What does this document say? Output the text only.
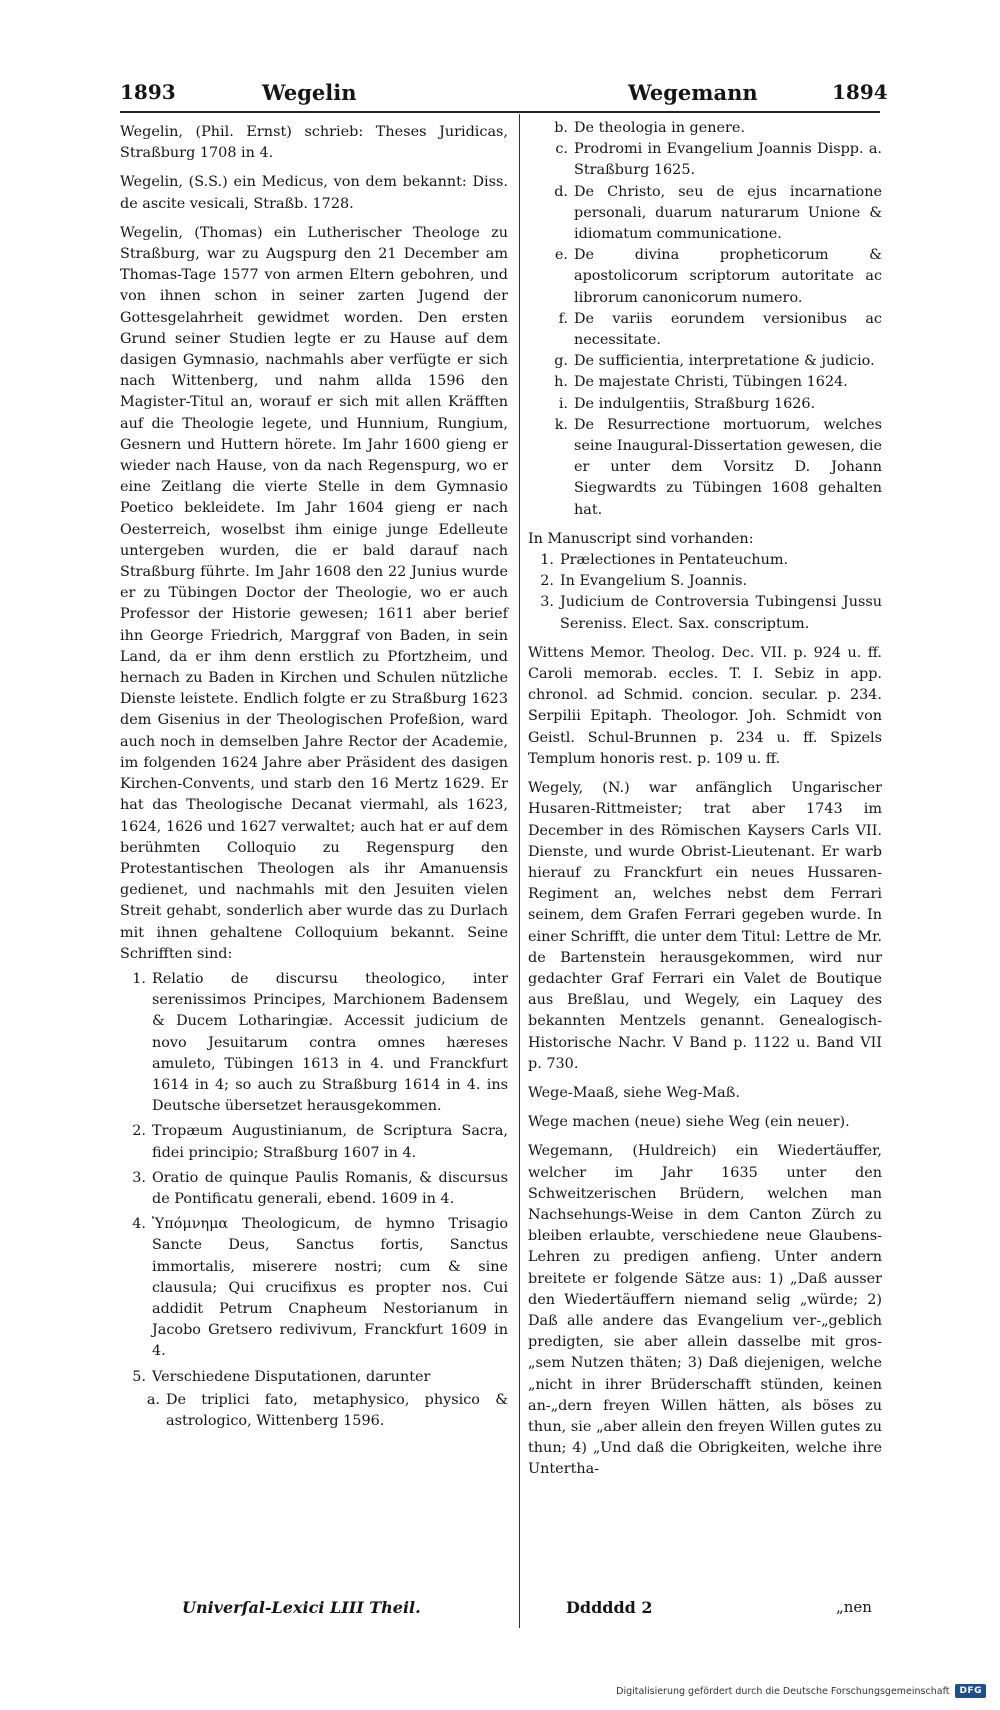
1893	Wegelin	Wegemann	1894

Wegelin, (Phil. Ernst) schrieb: Theses Juridicas, Straßburg 1708 in 4.

Wegelin, (S.S.) ein Medicus, von dem bekannt: Diss. de ascite vesicali, Straßb. 1728.

Wegelin, (Thomas) ein Lutherischer Theologe zu Straßburg, war zu Augspurg den 21 December am Thomas-Tage 1577 von armen Eltern gebohren, und von ihnen schon in seiner zarten Jugend der Gottesgelahrheit gewidmet worden. Den ersten Grund seiner Studien legte er zu Hause auf dem dasigen Gymnasio, nachmahls aber verfügte er sich nach Wittenberg, und nahm allda 1596 den Magister-Titul an, worauf er sich mit allen Kräfften auf die Theologie legete, und Hunnium, Rungium, Gesnern und Huttern hörete. Im Jahr 1600 gieng er wieder nach Hause, von da nach Regenspurg, wo er eine Zeitlang die vierte Stelle in dem Gymnasio Poetico bekleidete. Im Jahr 1604 gieng er nach Oesterreich, woselbst ihm einige junge Edelleute untergeben wurden, die er bald darauf nach Straßburg führte. Im Jahr 1608 den 22 Junius wurde er zu Tübingen Doctor der Theologie, wo er auch Professor der Historie gewesen; 1611 aber berief ihn George Friedrich, Marggraf von Baden, in sein Land, da er ihm denn erstlich zu Pfortzheim, und hernach zu Baden in Kirchen und Schulen nützliche Dienste leistete. Endlich folgte er zu Straßburg 1623 dem Gisenius in der Theologischen Profeßion, ward auch noch in demselben Jahre Rector der Academie, im folgenden 1624 Jahre aber Präsident des dasigen Kirchen-Convents, und starb den 16 Mertz 1629. Er hat das Theologische Decanat viermahl, als 1623, 1624, 1626 und 1627 verwaltet; auch hat er auf dem berühmten Colloquio zu Regenspurg den Protestantischen Theologen als ihr Amanuensis gedienet, und nachmahls mit den Jesuiten vielen Streit gehabt, sonderlich aber wurde das zu Durlach mit ihnen gehaltene Colloquium bekannt. Seine Schrifften sind:

1. Relatio de discursu theologico, inter serenissimos Principes, Marchionem Badensem & Ducem Lotharingiæ. Accessit judicium de novo Jesuitarum contra omnes hæreses amuleto, Tübingen 1613 in 4. und Franckfurt 1614 in 4; so auch zu Straßburg 1614 in 4. ins Deutsche übersetzet herausgekommen.
2. Tropæum Augustinianum, de Scriptura Sacra, fidei principio; Straßburg 1607 in 4.
3. Oratio de quinque Paulis Romanis, & discursus de Pontificatu generali, ebend. 1609 in 4.
4. Ὑπόμνημα Theologicum, de hymno Trisagio Sancte Deus, Sanctus fortis, Sanctus immortalis, miserere nostri; cum & sine clausula; Qui crucifixus es propter nos. Cui addidit Petrum Cnapheum Nestorianum in Jacobo Gretsero redivivum, Franckfurt 1609 in 4.
5. Verschiedene Disputationen, darunter
a. De triplici fato, metaphysico, physico & astrologico, Wittenberg 1596.
Univerſal-Lexici LIII Theil.
b. De theologia in genere.
c. Prodromi in Evangelium Joannis Dispp. a. Straßburg 1625.
d. De Christo, seu de ejus incarnatione personali, duarum naturarum Unione & idiomatum communicatione.
e. De divina propheticorum & apostolicorum scriptorum autoritate ac librorum canonicorum numero.
f. De variis eorundem versionibus ac necessitate.
g. De sufficientia, interpretatione & judicio.
h. De majestate Christi, Tübingen 1624.
i. De indulgentiis, Straßburg 1626.
k. De Resurrectione mortuorum, welches seine Inaugural-Dissertation gewesen, die er unter dem Vorsitz D. Johann Siegwardts zu Tübingen 1608 gehalten hat.

In Manuscript sind vorhanden:

1. Prælectiones in Pentateuchum.
2. In Evangelium S. Joannis.
3. Judicium de Controversia Tubingensi Jussu Sereniss. Elect. Sax. conscriptum.

Wittens Memor. Theolog. Dec. VII. p. 924 u. ff. Caroli memorab. eccles. T. I. Sebiz in app. chronol. ad Schmid. concion. secular. p. 234. Serpilii Epitaph. Theologor. Joh. Schmidt von Geistl. Schul-Brunnen p. 234 u. ff. Spizels Templum honoris rest. p. 109 u. ff.

Wegely, (N.) war anfänglich Ungarischer Husaren-Rittmeister; trat aber 1743 im December in des Römischen Kaysers Carls VII. Dienste, und wurde Obrist-Lieutenant. Er warb hierauf zu Franckfurt ein neues Hussaren-Regiment an, welches nebst dem Ferrari seinem, dem Grafen Ferrari gegeben wurde. In einer Schrifft, die unter dem Titul: Lettre de Mr. de Bartenstein herausgekommen, wird nur gedachter Graf Ferrari ein Valet de Boutique aus Breßlau, und Wegely, ein Laquey des bekannten Mentzels genannt. Genealogisch-Historische Nachr. V Band p. 1122 u. Band VII p. 730.

Wege-Maaß, siehe Weg-Maß.

Wege machen (neue) siehe Weg (ein neuer).

Wegemann, (Huldreich) ein Wiedertäuffer, welcher im Jahr 1635 unter den Schweitzerischen Brüdern, welchen man Nachsehungs-Weise in dem Canton Zürch zu bleiben erlaubte, verschiedene neue Glaubens-Lehren zu predigen anfieng. Unter andern breitete er folgende Sätze aus: 1) „Daß ausser den Wiedertäuffern niemand selig „würde; 2) Daß alle andere das Evangelium ver-„geblich predigten, sie aber allein dasselbe mit gros-„sem Nutzen thäten; 3) Daß diejenigen, welche „nicht in ihrer Brüderschafft stünden, keinen an-„dern freyen Willen hätten, als böses zu thun, sie „aber allein den freyen Willen gutes zu thun; 4) „Und daß die Obrigkeiten, welche ihre Untertha-

Dddddd 2	„nen
Digitalisierung gefördert durch die Deutsche Forschungsgemeinschaft	DFG
